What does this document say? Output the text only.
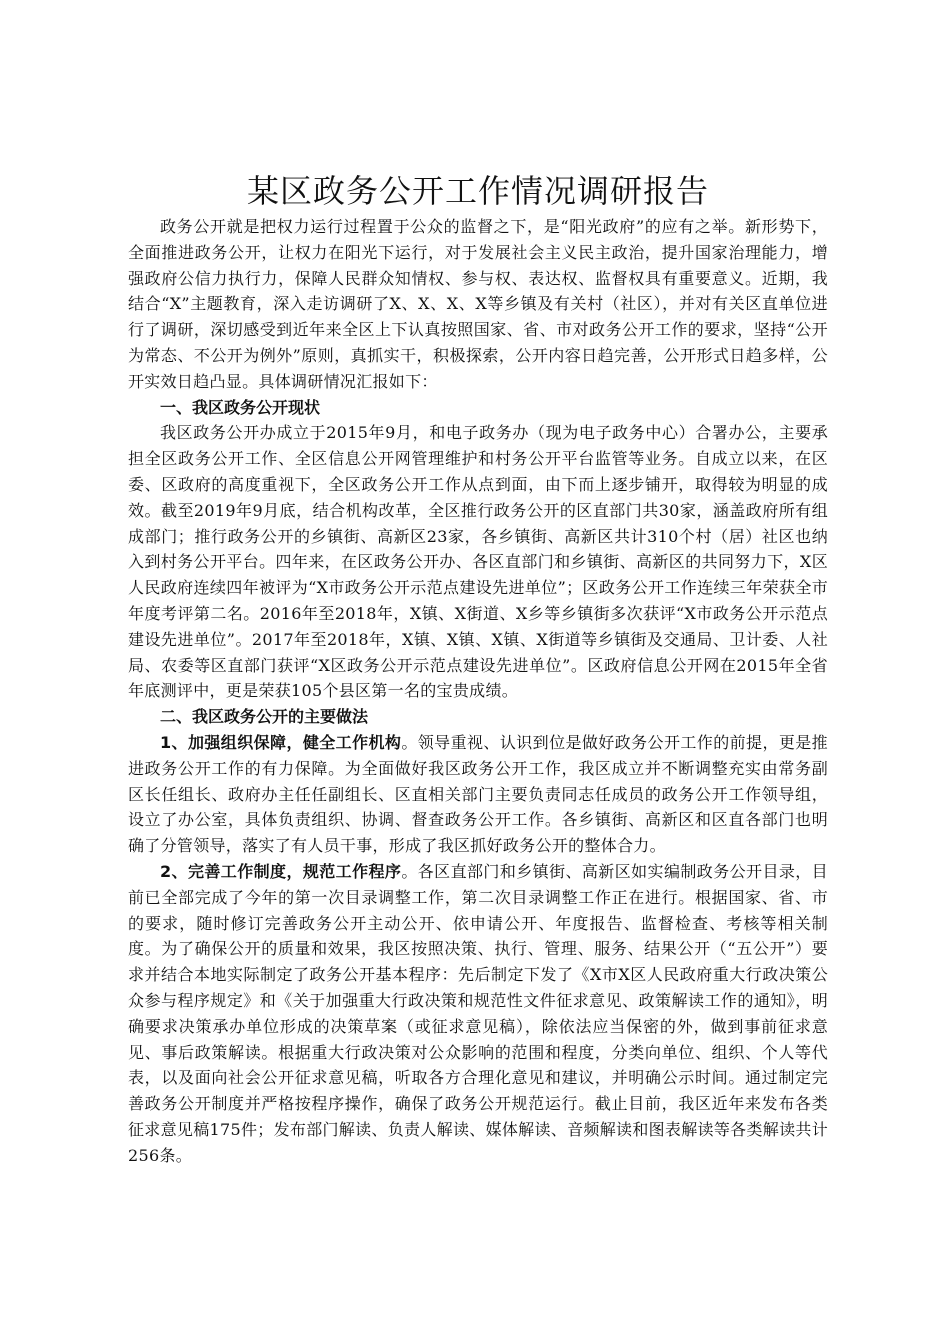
某区政务公开工作情况调研报告

政务公开就是把权力运行过程置于公众的监督之下，是“阳光政府”的应有之举。新形势下，全面推进政务公开，让权力在阳光下运行，对于发展社会主义民主政治，提升国家治理能力，增强政府公信力执行力，保障人民群众知情权、参与权、表达权、监督权具有重要意义。近期，我结合“X”主题教育，深入走访调研了X、X、X、X等乡镇及有关村（社区），并对有关区直单位进行了调研，深切感受到近年来全区上下认真按照国家、省、市对政务公开工作的要求，坚持“公开为常态、不公开为例外”原则，真抓实干，积极探索，公开内容日趋完善，公开形式日趋多样，公开实效日趋凸显。具体调研情况汇报如下：

一、我区政务公开现状

我区政务公开办成立于2015年9月，和电子政务办（现为电子政务中心）合署办公，主要承担全区政务公开工作、全区信息公开网管理维护和村务公开平台监管等业务。自成立以来，在区委、区政府的高度重视下，全区政务公开工作从点到面，由下而上逐步铺开，取得较为明显的成效。截至2019年9月底，结合机构改革，全区推行政务公开的区直部门共30家，涵盖政府所有组成部门；推行政务公开的乡镇街、高新区23家，各乡镇街、高新区共计310个村（居）社区也纳入到村务公开平台。四年来，在区政务公开办、各区直部门和乡镇街、高新区的共同努力下，X区人民政府连续四年被评为“X市政务公开示范点建设先进单位”；区政务公开工作连续三年荣获全市年度考评第二名。2016年至2018年，X镇、X街道、X乡等乡镇街多次获评“X市政务公开示范点建设先进单位”。2017年至2018年，X镇、X镇、X镇、X街道等乡镇街及交通局、卫计委、人社局、农委等区直部门获评“X区政务公开示范点建设先进单位”。区政府信息公开网在2015年全省年底测评中，更是荣获105个县区第一名的宝贵成绩。

二、我区政务公开的主要做法

1、加强组织保障，健全工作机构。领导重视、认识到位是做好政务公开工作的前提，更是推进政务公开工作的有力保障。为全面做好我区政务公开工作，我区成立并不断调整充实由常务副区长任组长、政府办主任任副组长、区直相关部门主要负责同志任成员的政务公开工作领导组，设立了办公室，具体负责组织、协调、督查政务公开工作。各乡镇街、高新区和区直各部门也明确了分管领导，落实了有人员干事，形成了我区抓好政务公开的整体合力。

2、完善工作制度，规范工作程序。各区直部门和乡镇街、高新区如实编制政务公开目录，目前已全部完成了今年的第一次目录调整工作，第二次目录调整工作正在进行。根据国家、省、市的要求，随时修订完善政务公开主动公开、依申请公开、年度报告、监督检查、考核等相关制度。为了确保公开的质量和效果，我区按照决策、执行、管理、服务、结果公开（“五公开”）要求并结合本地实际制定了政务公开基本程序：先后制定下发了《X市X区人民政府重大行政决策公众参与程序规定》和《关于加强重大行政决策和规范性文件征求意见、政策解读工作的通知》，明确要求决策承办单位形成的决策草案（或征求意见稿），除依法应当保密的外，做到事前征求意见、事后政策解读。根据重大行政决策对公众影响的范围和程度，分类向单位、组织、个人等代表，以及面向社会公开征求意见稿，听取各方合理化意见和建议，并明确公示时间。通过制定完善政务公开制度并严格按程序操作，确保了政务公开规范运行。截止目前，我区近年来发布各类征求意见稿175件；发布部门解读、负责人解读、媒体解读、音频解读和图表解读等各类解读共计256条。
